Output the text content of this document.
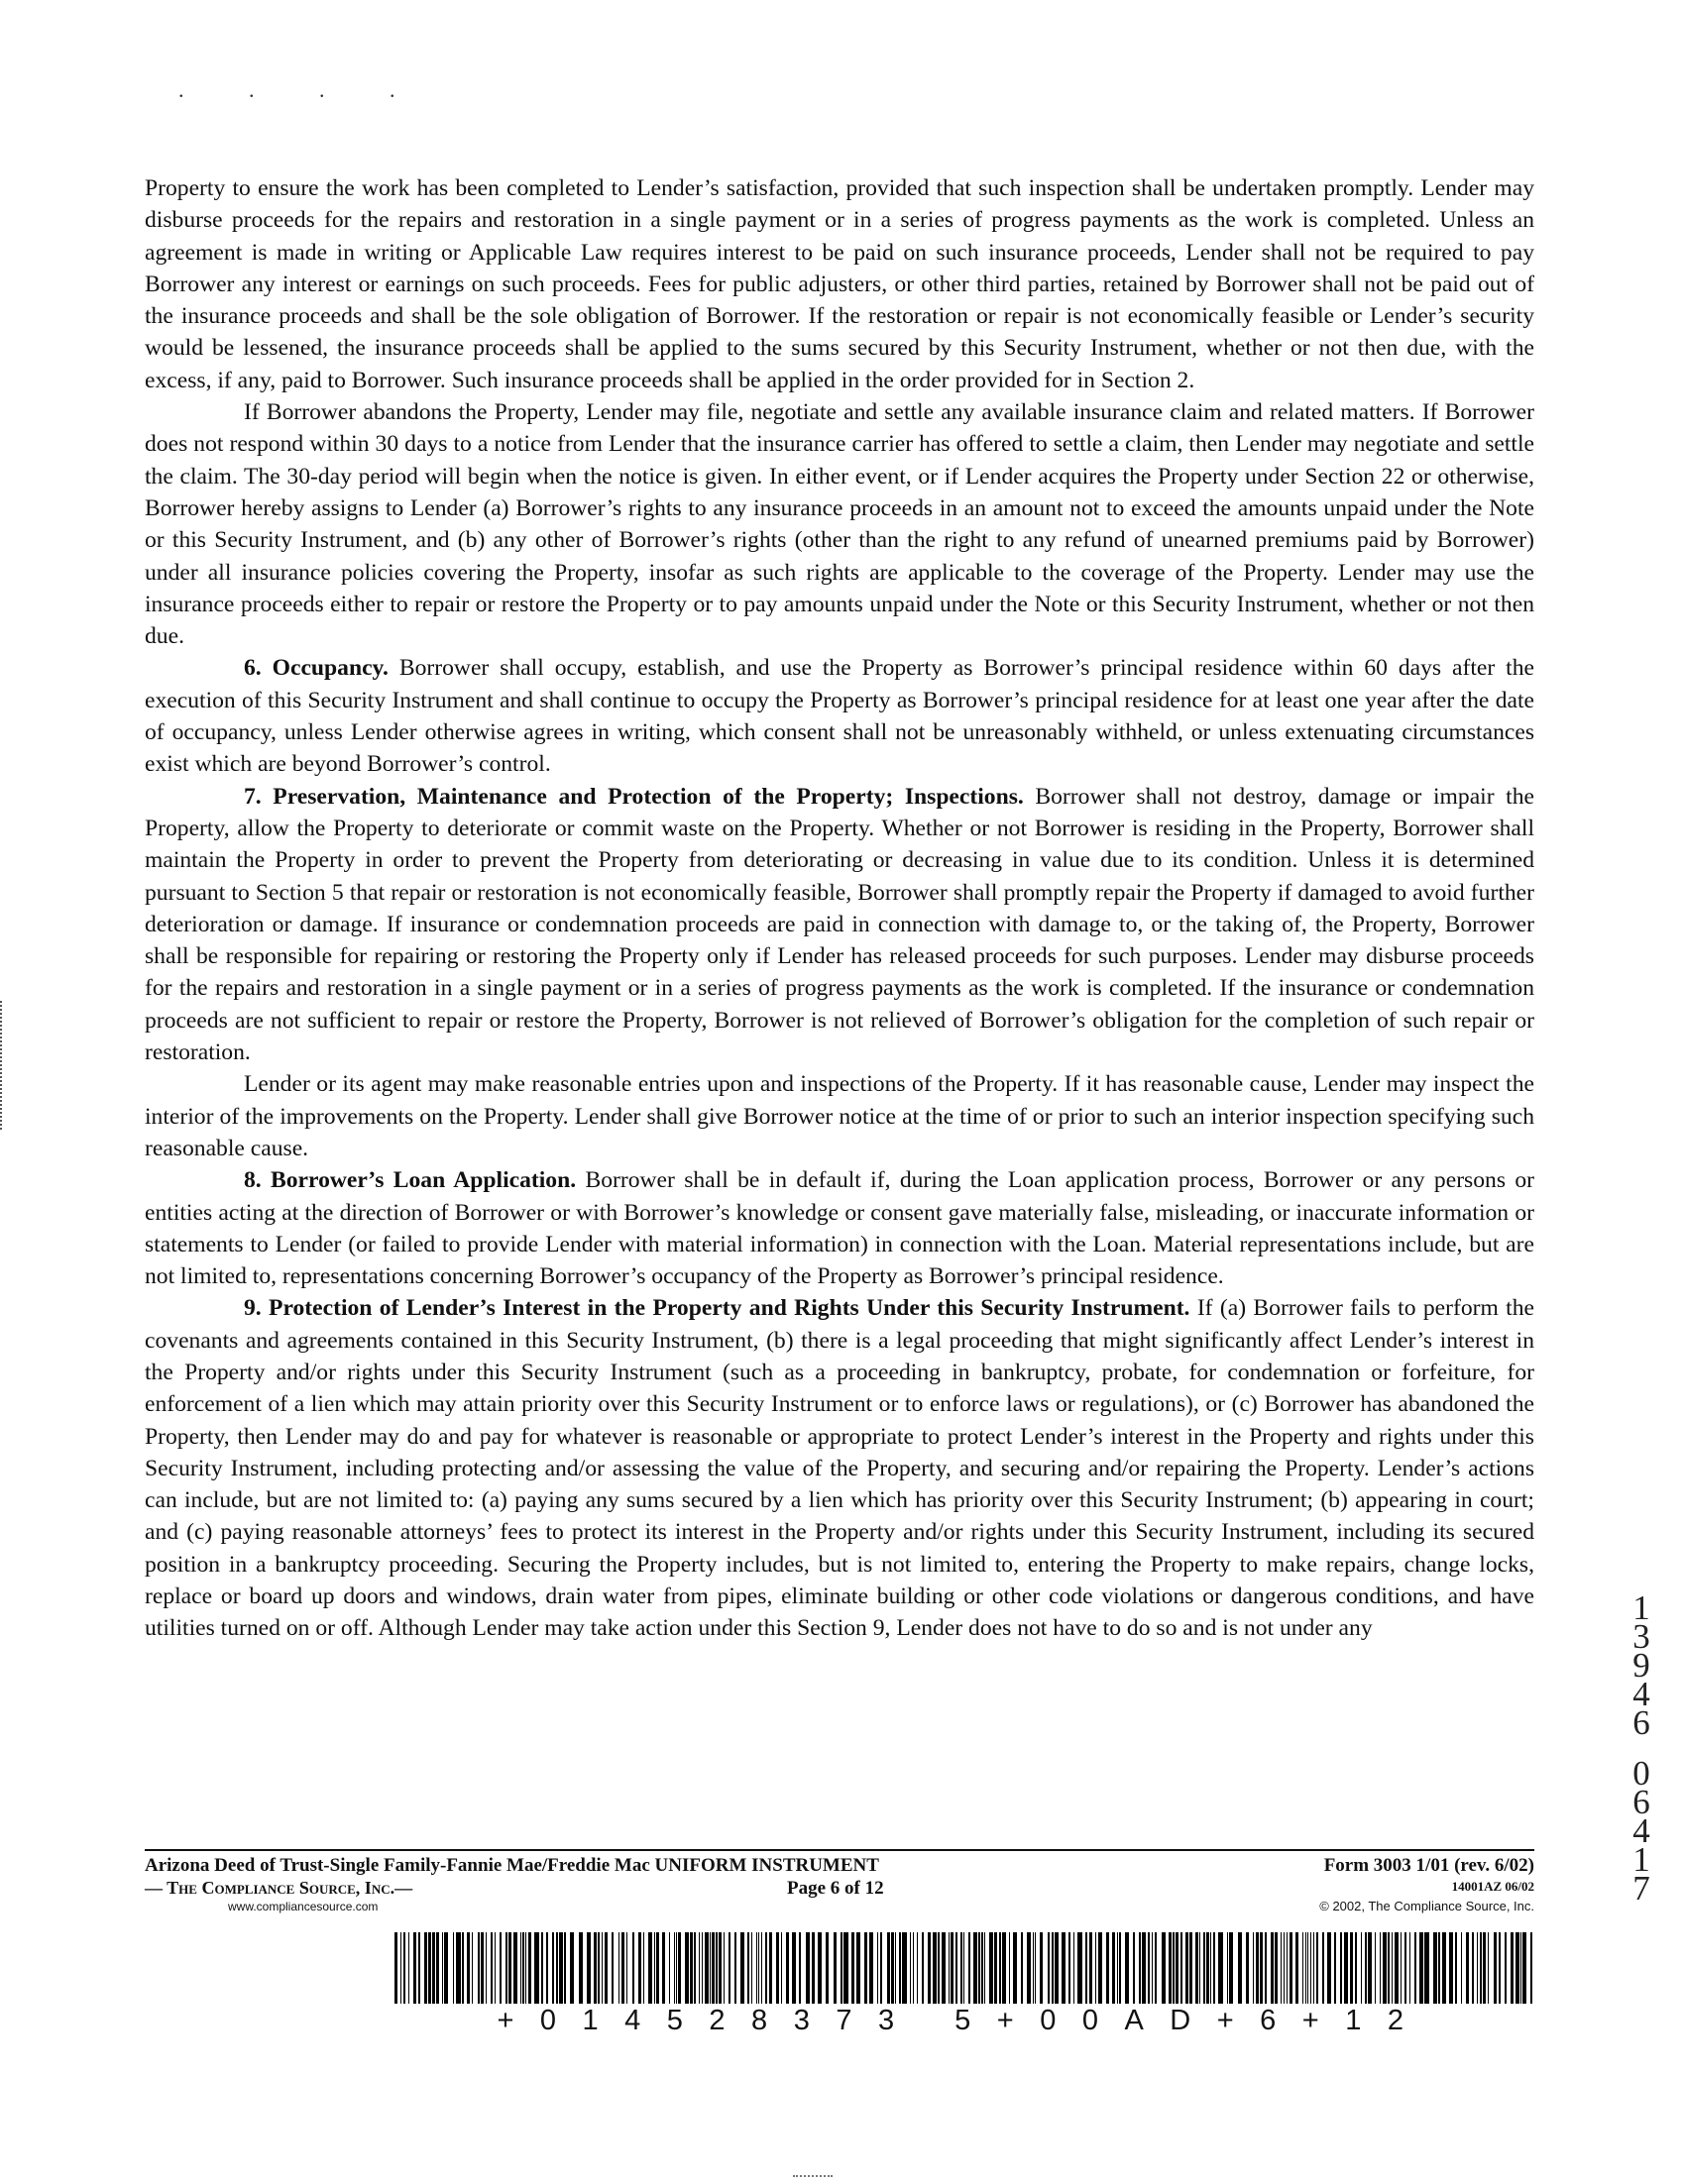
. . . .

Property to ensure the work has been completed to Lender’s satisfaction, provided that such inspection shall be undertaken promptly. Lender may disburse proceeds for the repairs and restoration in a single payment or in a series of progress payments as the work is completed. Unless an agreement is made in writing or Applicable Law requires interest to be paid on such insurance proceeds, Lender shall not be required to pay Borrower any interest or earnings on such proceeds. Fees for public adjusters, or other third parties, retained by Borrower shall not be paid out of the insurance proceeds and shall be the sole obligation of Borrower. If the restoration or repair is not economically feasible or Lender’s security would be lessened, the insurance proceeds shall be applied to the sums secured by this Security Instrument, whether or not then due, with the excess, if any, paid to Borrower. Such insurance proceeds shall be applied in the order provided for in Section 2.

If Borrower abandons the Property, Lender may file, negotiate and settle any available insurance claim and related matters. If Borrower does not respond within 30 days to a notice from Lender that the insurance carrier has offered to settle a claim, then Lender may negotiate and settle the claim. The 30-day period will begin when the notice is given. In either event, or if Lender acquires the Property under Section 22 or otherwise, Borrower hereby assigns to Lender (a) Borrower’s rights to any insurance proceeds in an amount not to exceed the amounts unpaid under the Note or this Security Instrument, and (b) any other of Borrower’s rights (other than the right to any refund of unearned premiums paid by Borrower) under all insurance policies covering the Property, insofar as such rights are applicable to the coverage of the Property. Lender may use the insurance proceeds either to repair or restore the Property or to pay amounts unpaid under the Note or this Security Instrument, whether or not then due.

6. Occupancy. Borrower shall occupy, establish, and use the Property as Borrower’s principal residence within 60 days after the execution of this Security Instrument and shall continue to occupy the Property as Borrower’s principal residence for at least one year after the date of occupancy, unless Lender otherwise agrees in writing, which consent shall not be unreasonably withheld, or unless extenuating circumstances exist which are beyond Borrower’s control.

7. Preservation, Maintenance and Protection of the Property; Inspections. Borrower shall not destroy, damage or impair the Property, allow the Property to deteriorate or commit waste on the Property. Whether or not Borrower is residing in the Property, Borrower shall maintain the Property in order to prevent the Property from deteriorating or decreasing in value due to its condition. Unless it is determined pursuant to Section 5 that repair or restoration is not economically feasible, Borrower shall promptly repair the Property if damaged to avoid further deterioration or damage. If insurance or condemnation proceeds are paid in connection with damage to, or the taking of, the Property, Borrower shall be responsible for repairing or restoring the Property only if Lender has released proceeds for such purposes. Lender may disburse proceeds for the repairs and restoration in a single payment or in a series of progress payments as the work is completed. If the insurance or condemnation proceeds are not sufficient to repair or restore the Property, Borrower is not relieved of Borrower’s obligation for the completion of such repair or restoration.

Lender or its agent may make reasonable entries upon and inspections of the Property. If it has reasonable cause, Lender may inspect the interior of the improvements on the Property. Lender shall give Borrower notice at the time of or prior to such an interior inspection specifying such reasonable cause.

8. Borrower’s Loan Application. Borrower shall be in default if, during the Loan application process, Borrower or any persons or entities acting at the direction of Borrower or with Borrower’s knowledge or consent gave materially false, misleading, or inaccurate information or statements to Lender (or failed to provide Lender with material information) in connection with the Loan. Material representations include, but are not limited to, representations concerning Borrower’s occupancy of the Property as Borrower’s principal residence.

9. Protection of Lender’s Interest in the Property and Rights Under this Security Instrument. If (a) Borrower fails to perform the covenants and agreements contained in this Security Instrument, (b) there is a legal proceeding that might significantly affect Lender’s interest in the Property and/or rights under this Security Instrument (such as a proceeding in bankruptcy, probate, for condemnation or forfeiture, for enforcement of a lien which may attain priority over this Security Instrument or to enforce laws or regulations), or (c) Borrower has abandoned the Property, then Lender may do and pay for whatever is reasonable or appropriate to protect Lender’s interest in the Property and rights under this Security Instrument, including protecting and/or assessing the value of the Property, and securing and/or repairing the Property. Lender’s actions can include, but are not limited to: (a) paying any sums secured by a lien which has priority over this Security Instrument; (b) appearing in court; and (c) paying reasonable attorneys’ fees to protect its interest in the Property and/or rights under this Security Instrument, including its secured position in a bankruptcy proceeding. Securing the Property includes, but is not limited to, entering the Property to make repairs, change locks, replace or board up doors and windows, drain water from pipes, eliminate building or other code violations or dangerous conditions, and have utilities turned on or off. Although Lender may take action under this Section 9, Lender does not have to do so and is not under any

1
3
9
4
6
0
6
4
1
7
Arizona Deed of Trust-Single Family-Fannie Mae/Freddie Mac UNIFORM INSTRUMENT
— The Compliance Source, Inc.—
www.compliancesource.com
Page 6 of 12
Form 3003 1/01 (rev. 6/02)
14001AZ 06/02
© 2002, The Compliance Source, Inc.
+014528373 5+00AD+6+12
